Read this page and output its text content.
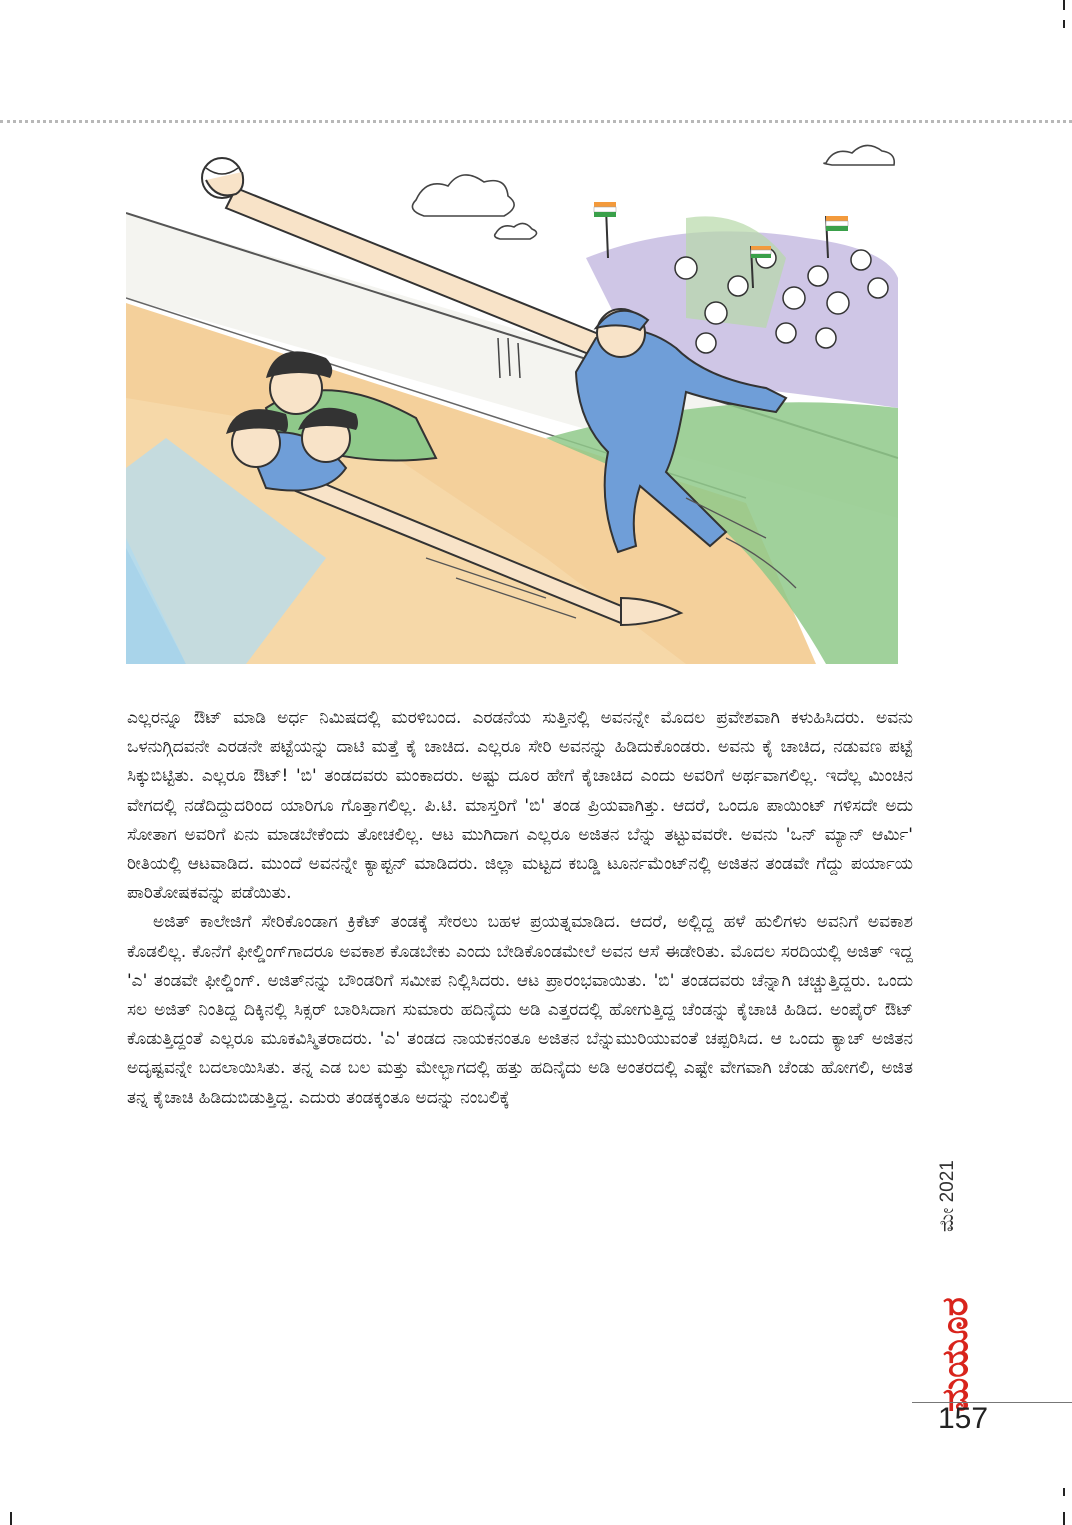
ಎಲ್ಲರನ್ನೂ ಔಟ್ ಮಾಡಿ ಅರ್ಧ ನಿಮಿಷದಲ್ಲಿ ಮರಳಿಬಂದ. ಎರಡನೆಯ ಸುತ್ತಿನಲ್ಲಿ ಅವನನ್ನೇ ಮೊದಲ ಪ್ರವೇಶವಾಗಿ ಕಳುಹಿಸಿದರು. ಅವನು ಒಳನುಗ್ಗಿದವನೇ ಎರಡನೇ ಪಟ್ಟೆಯನ್ನು ದಾಟಿ ಮತ್ತೆ ಕೈ ಚಾಚಿದ. ಎಲ್ಲರೂ ಸೇರಿ ಅವನನ್ನು ಹಿಡಿದುಕೊಂಡರು. ಅವನು ಕೈ ಚಾಚಿದ, ನಡುವಣ ಪಟ್ಟೆ ಸಿಕ್ಕುಬಿಟ್ಟಿತು. ಎಲ್ಲರೂ ಔಟ್! 'ಬಿ' ತಂಡದವರು ಮಂಕಾದರು. ಅಷ್ಟು ದೂರ ಹೇಗೆ ಕೈಚಾಚಿದ ಎಂದು ಅವರಿಗೆ ಅರ್ಥವಾಗಲಿಲ್ಲ. ಇದೆಲ್ಲ ಮಿಂಚಿನ ವೇಗದಲ್ಲಿ ನಡೆದಿದ್ದುದರಿಂದ ಯಾರಿಗೂ ಗೊತ್ತಾಗಲಿಲ್ಲ. ಪಿ.ಟಿ. ಮಾಸ್ತರಿಗೆ 'ಬಿ' ತಂಡ ಪ್ರಿಯವಾಗಿತ್ತು. ಆದರೆ, ಒಂದೂ ಪಾಯಿಂಟ್ ಗಳಿಸದೇ ಅದು ಸೋತಾಗ ಅವರಿಗೆ ಏನು ಮಾಡಬೇಕೆಂದು ತೋಚಲಿಲ್ಲ. ಆಟ ಮುಗಿದಾಗ ಎಲ್ಲರೂ ಅಜಿತನ ಬೆನ್ನು ತಟ್ಟುವವರೇ. ಅವನು 'ಒನ್ ಮ್ಯಾನ್ ಆರ್ಮಿ' ರೀತಿಯಲ್ಲಿ ಆಟವಾಡಿದ. ಮುಂದೆ ಅವನನ್ನೇ ಕ್ಯಾಪ್ಟನ್ ಮಾಡಿದರು. ಜಿಲ್ಲಾ ಮಟ್ಟದ ಕಬಡ್ಡಿ ಟೂರ್ನಮೆಂಟ್‌ನಲ್ಲಿ ಅಜಿತನ ತಂಡವೇ ಗೆದ್ದು ಪರ್ಯಾಯ ಪಾರಿತೋಷಕವನ್ನು ಪಡೆಯಿತು.

ಅಜಿತ್ ಕಾಲೇಜಿಗೆ ಸೇರಿಕೊಂಡಾಗ ಕ್ರಿಕೆಟ್ ತಂಡಕ್ಕೆ ಸೇರಲು ಬಹಳ ಪ್ರಯತ್ನಮಾಡಿದ. ಆದರೆ, ಅಲ್ಲಿದ್ದ ಹಳೆ ಹುಲಿಗಳು ಅವನಿಗೆ ಅವಕಾಶ ಕೊಡಲಿಲ್ಲ. ಕೊನೆಗೆ ಫೀಲ್ಡಿಂಗ್‌ಗಾದರೂ ಅವಕಾಶ ಕೊಡಬೇಕು ಎಂದು ಬೇಡಿಕೊಂಡಮೇಲೆ ಅವನ ಆಸೆ ಈಡೇರಿತು. ಮೊದಲ ಸರದಿಯಲ್ಲಿ ಅಜಿತ್ ಇದ್ದ 'ಎ' ತಂಡವೇ ಫೀಲ್ಡಿಂಗ್. ಅಜಿತ್‌ನನ್ನು ಬೌಂಡರಿಗೆ ಸಮೀಪ ನಿಲ್ಲಿಸಿದರು. ಆಟ ಪ್ರಾರಂಭವಾಯಿತು. 'ಬಿ' ತಂಡದವರು ಚೆನ್ನಾಗಿ ಚಚ್ಚುತ್ತಿದ್ದರು. ಒಂದು ಸಲ ಅಜಿತ್ ನಿಂತಿದ್ದ ದಿಕ್ಕಿನಲ್ಲಿ ಸಿಕ್ಸರ್ ಬಾರಿಸಿದಾಗ ಸುಮಾರು ಹದಿನೈದು ಅಡಿ ಎತ್ತರದಲ್ಲಿ ಹೋಗುತ್ತಿದ್ದ ಚೆಂಡನ್ನು ಕೈಚಾಚಿ ಹಿಡಿದ. ಅಂಪೈರ್ ಔಟ್ ಕೊಡುತ್ತಿದ್ದಂತೆ ಎಲ್ಲರೂ ಮೂಕವಿಸ್ಮಿತರಾದರು. 'ಎ' ತಂಡದ ನಾಯಕನಂತೂ ಅಜಿತನ ಬೆನ್ನುಮುರಿಯುವಂತೆ ಚಪ್ಪರಿಸಿದ. ಆ ಒಂದು ಕ್ಯಾಚ್ ಅಜಿತನ ಅದೃಷ್ಟವನ್ನೇ ಬದಲಾಯಿಸಿತು. ತನ್ನ ಎಡ ಬಲ ಮತ್ತು ಮೇಲ್ಭಾಗದಲ್ಲಿ ಹತ್ತು ಹದಿನೈದು ಅಡಿ ಅಂತರದಲ್ಲಿ ಎಷ್ಟೇ ವೇಗವಾಗಿ ಚೆಂಡು ಹೋಗಲಿ, ಅಜಿತ ತನ್ನ ಕೈಚಾಚಿ ಹಿಡಿದುಬಿಡುತ್ತಿದ್ದ. ಎದುರು ತಂಡಕ್ಕಂತೂ ಅದನ್ನು ನಂಬಲಿಕ್ಕೆ

ಮೇ 2021
ಮಯೂರ
157
